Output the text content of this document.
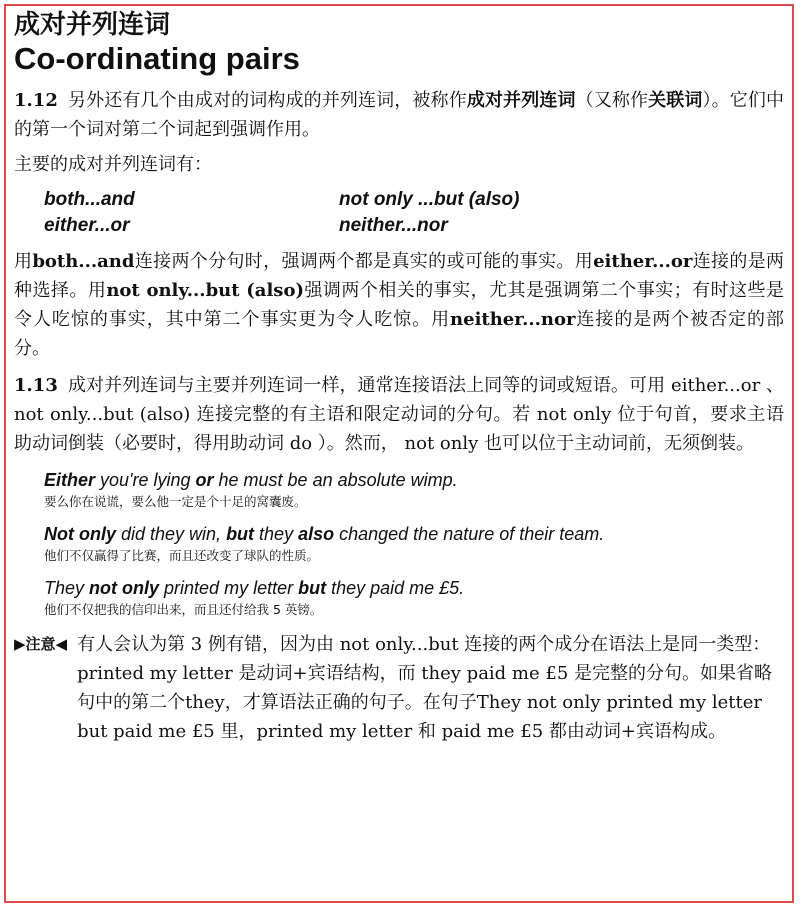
成对并列连词
Co-ordinating pairs

1.12 另外还有几个由成对的词构成的并列连词，被称作成对并列连词（又称作关联词）。它们中的第一个词对第二个词起到强调作用。

主要的成对并列连词有：

both...and	not only ...but (also)
either...or	neither...nor

用both...and连接两个分句时，强调两个都是真实的或可能的事实。用either...or连接的是两种选择。用not only...but (also)强调两个相关的事实，尤其是强调第二个事实；有时这些是令人吃惊的事实，其中第二个事实更为令人吃惊。用neither...nor连接的是两个被否定的部分。

1.13 成对并列连词与主要并列连词一样，通常连接语法上同等的词或短语。可用 either...or 、 not only...but (also) 连接完整的有主语和限定动词的分句。若 not only 位于句首，要求主语助动词倒装（必要时，得用助动词 do ）。然而， not only 也可以位于主动词前，无须倒装。

Either you're lying or he must be an absolute wimp.
要么你在说谎，要么他一定是个十足的窝囊废。
Not only did they win, but they also changed the nature of their team.
他们不仅赢得了比赛，而且还改变了球队的性质。
They not only printed my letter but they paid me £5.
他们不仅把我的信印出来，而且还付给我 5 英镑。
▶注意◀ 有人会认为第 3 例有错，因为由 not only...but 连接的两个成分在语法上是同一类型：printed my letter 是动词+宾语结构，而 they paid me £5 是完整的分句。如果省略句中的第二个they，才算语法正确的句子。在句子They not only printed my letter but paid me £5 里，printed my letter 和 paid me £5 都由动词+宾语构成。
